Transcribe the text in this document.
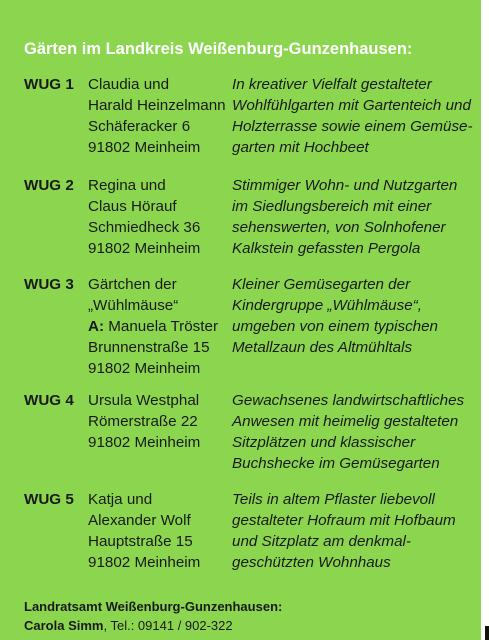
Gärten im Landkreis Weißenburg-Gunzenhausen:
WUG 1 Claudia und
Harald Heinzelmann
Schäferacker 6
91802 Meinheim
In kreativer Vielfalt gestalteter
Wohlfühlgarten mit Gartenteich und
Holzterrasse sowie einem Gemüse-
garten mit Hochbeet
WUG 2 Regina und
Claus Hörauf
Schmiedheck 36
91802 Meinheim
Stimmiger Wohn- und Nutzgarten
im Siedlungsbereich mit einer
sehenswerten, von Solnhofener
Kalkstein gefassten Pergola
WUG 3 Gärtchen der
„Wühlmäuse“
A: Manuela Tröster
Brunnenstraße 15
91802 Meinheim
Kleiner Gemüsegarten der
Kindergruppe „Wühlmäuse“,
umgeben von einem typischen
Metallzaun des Altmühltals
WUG 4 Ursula Westphal
Römerstraße 22
91802 Meinheim
Gewachsenes landwirtschaftliches
Anwesen mit heimelig gestalteten
Sitzplätzen und klassischer
Buchshecke im Gemüsegarten
WUG 5 Katja und
Alexander Wolf
Hauptstraße 15
91802 Meinheim
Teils in altem Pflaster liebevoll
gestalteter Hofraum mit Hofbaum
und Sitzplatz am denkmal-
geschützten Wohnhaus
Landratsamt Weißenburg-Gunzenhausen:
Carola Simm, Tel.: 09141 / 902-322
